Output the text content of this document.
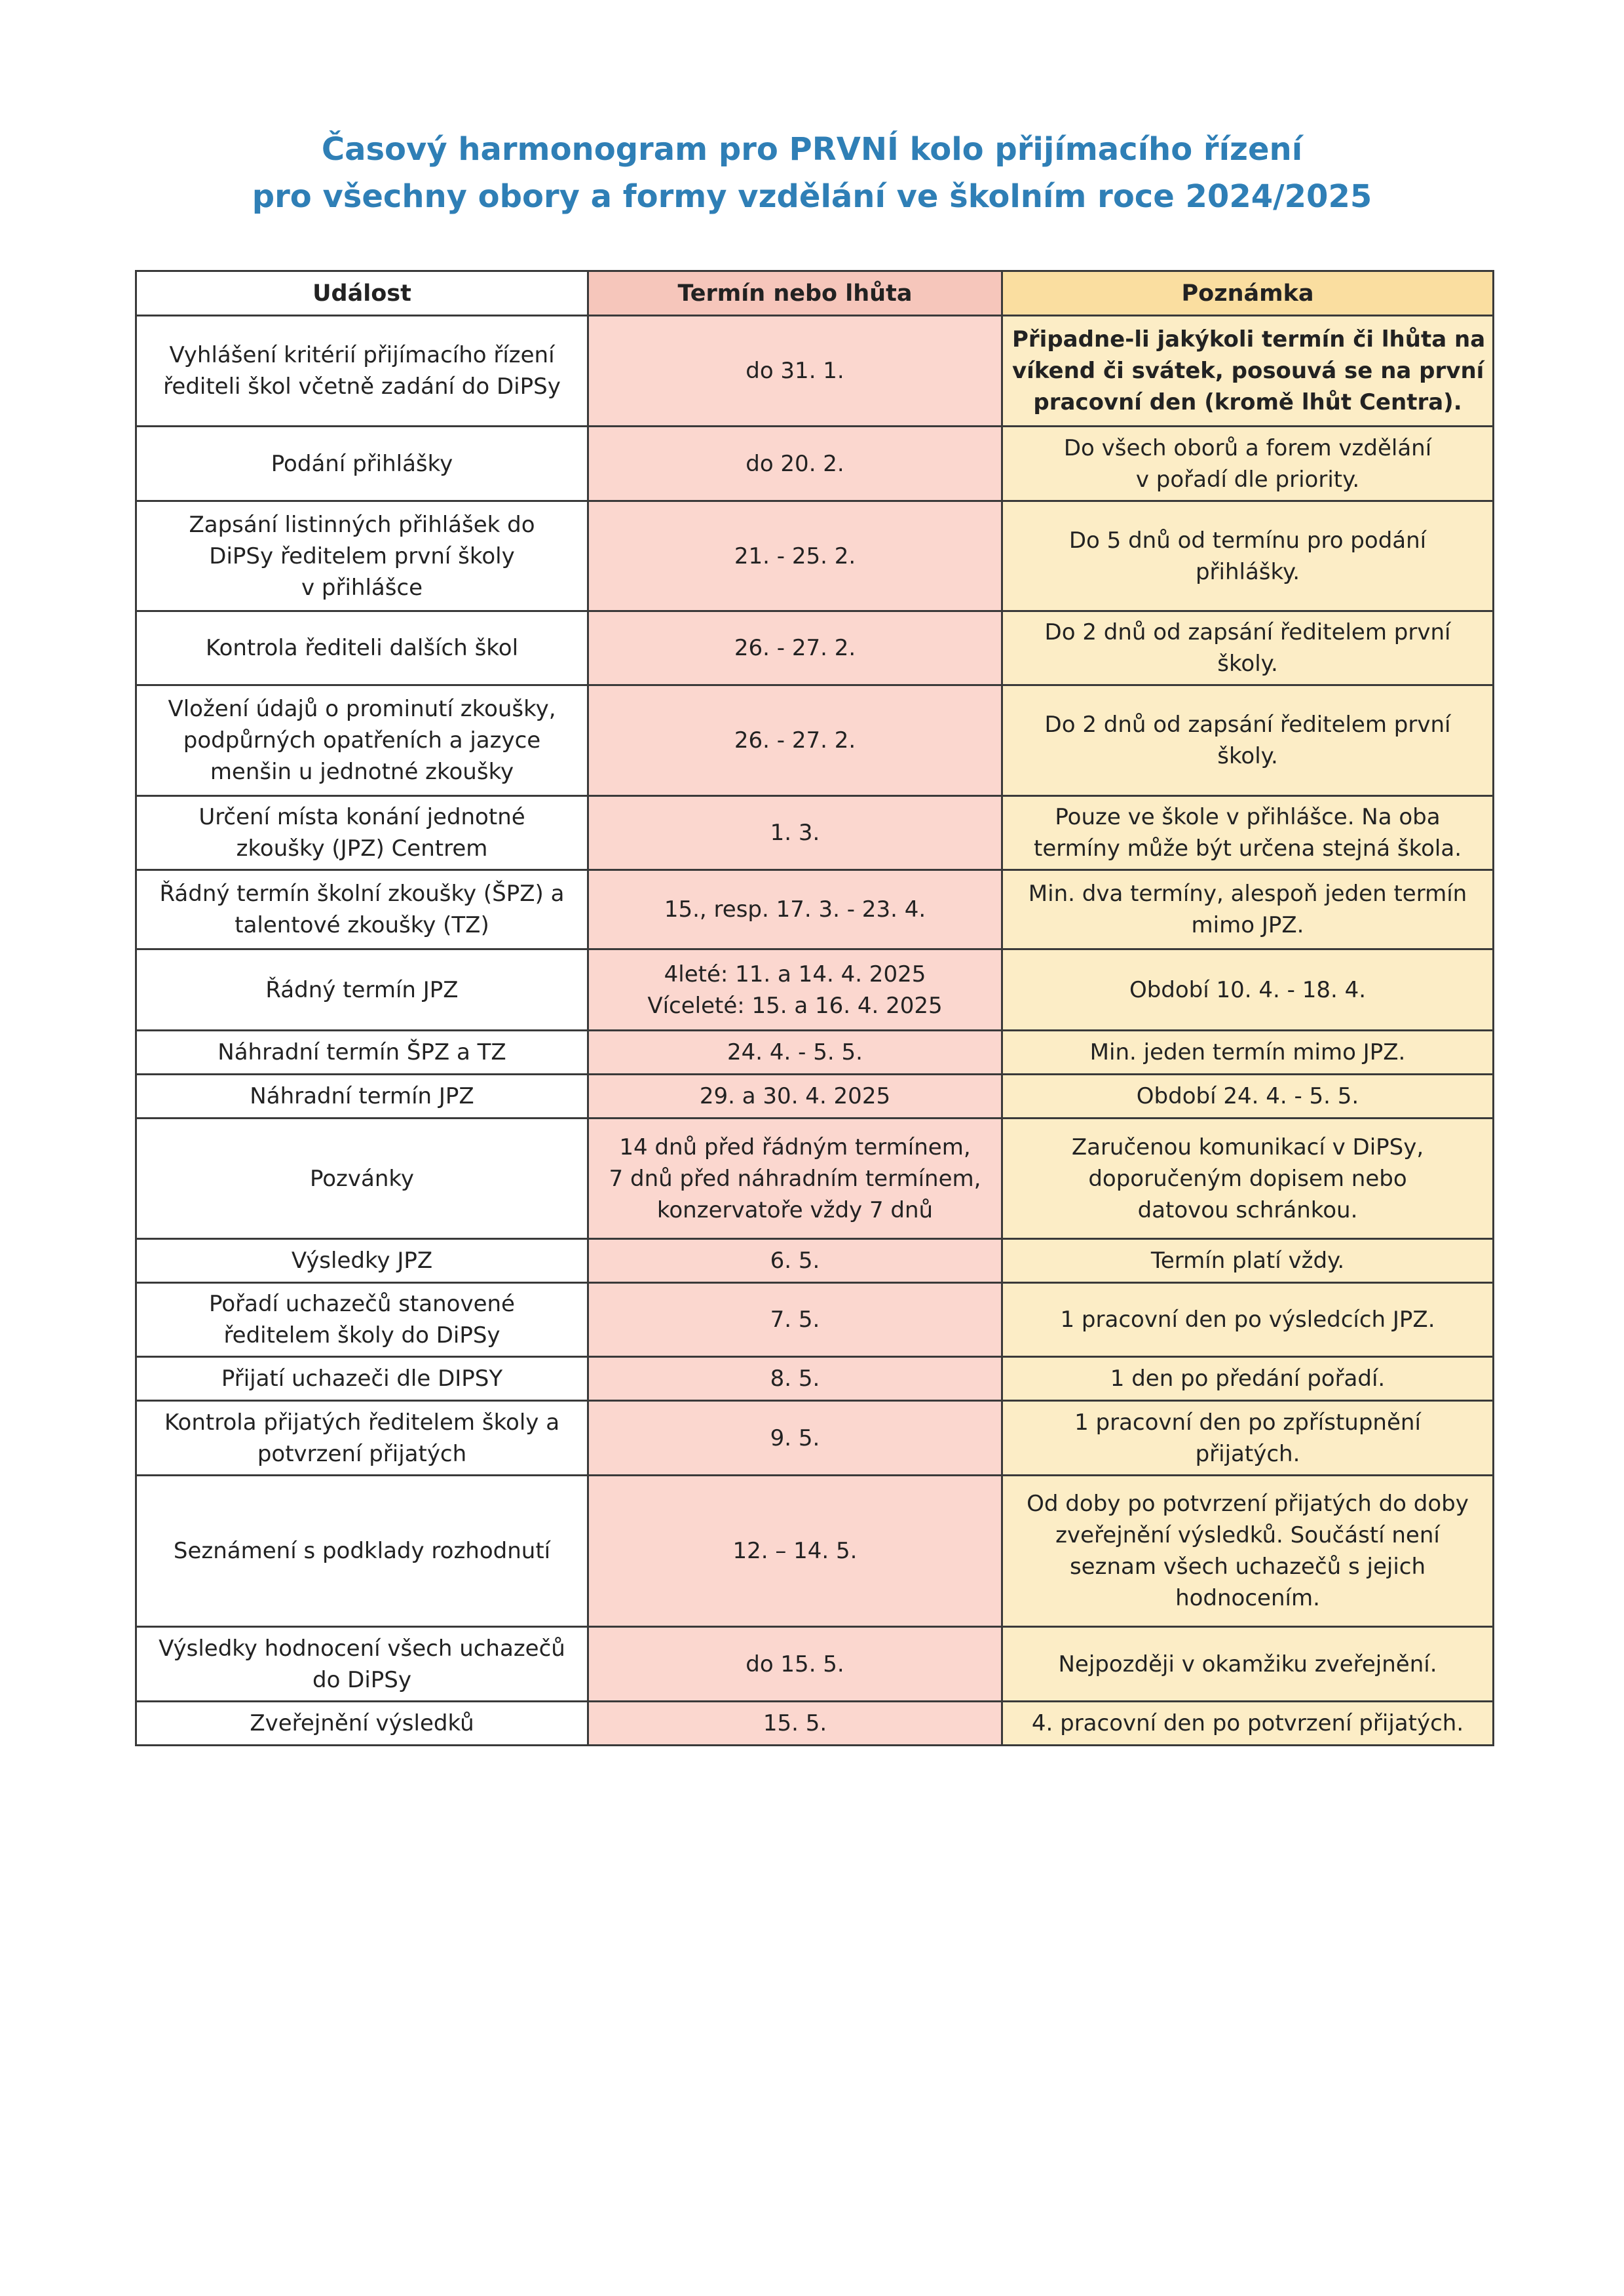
Časový harmonogram pro PRVNÍ kolo přijímacího řízení
pro všechny obory a formy vzdělání ve školním roce 2024/2025
Událost	Termín nebo lhůta	Poznámka

Vyhlášení kritérií přijímacího řízení
řediteli škol včetně zadání do DiPSy	do 31. 1.	Připadne-li jakýkoli termín či lhůta na
víkend či svátek, posouvá se na první
pracovní den (kromě lhůt Centra).

Podání přihlášky	do 20. 2.	Do všech oborů a forem vzdělání
v pořadí dle priority.

Zapsání listinných přihlášek do
DiPSy ředitelem první školy
v přihlášce	21. - 25. 2.	Do 5 dnů od termínu pro podání
přihlášky.

Kontrola řediteli dalších škol	26. - 27. 2.	Do 2 dnů od zapsání ředitelem první
školy.

Vložení údajů o prominutí zkoušky,
podpůrných opatřeních a jazyce
menšin u jednotné zkoušky	26. - 27. 2.	Do 2 dnů od zapsání ředitelem první
školy.

Určení místa konání jednotné
zkoušky (JPZ) Centrem	1. 3.	Pouze ve škole v přihlášce. Na oba
termíny může být určena stejná škola.

Řádný termín školní zkoušky (ŠPZ) a
talentové zkoušky (TZ)	15., resp. 17. 3. - 23. 4.	Min. dva termíny, alespoň jeden termín
mimo JPZ.

Řádný termín JPZ	4leté: 11. a 14. 4. 2025
Víceleté: 15. a 16. 4. 2025	Období 10. 4. - 18. 4.

Náhradní termín ŠPZ a TZ	24. 4. - 5. 5.	Min. jeden termín mimo JPZ.

Náhradní termín JPZ	29. a 30. 4. 2025	Období 24. 4. - 5. 5.

Pozvánky	14 dnů před řádným termínem,
7 dnů před náhradním termínem,
konzervatoře vždy 7 dnů	Zaručenou komunikací v DiPSy,
doporučeným dopisem nebo
datovou schránkou.

Výsledky JPZ	6. 5.	Termín platí vždy.

Pořadí uchazečů stanovené
ředitelem školy do DiPSy	7. 5.	1 pracovní den po výsledcích JPZ.

Přijatí uchazeči dle DIPSY	8. 5.	1 den po předání pořadí.

Kontrola přijatých ředitelem školy a
potvrzení přijatých	9. 5.	1 pracovní den po zpřístupnění
přijatých.

Seznámení s podklady rozhodnutí	12. – 14. 5.	Od doby po potvrzení přijatých do doby
zveřejnění výsledků. Součástí není
seznam všech uchazečů s jejich
hodnocením.

Výsledky hodnocení všech uchazečů
do DiPSy	do 15. 5.	Nejpozději v okamžiku zveřejnění.

Zveřejnění výsledků	15. 5.	4. pracovní den po potvrzení přijatých.
